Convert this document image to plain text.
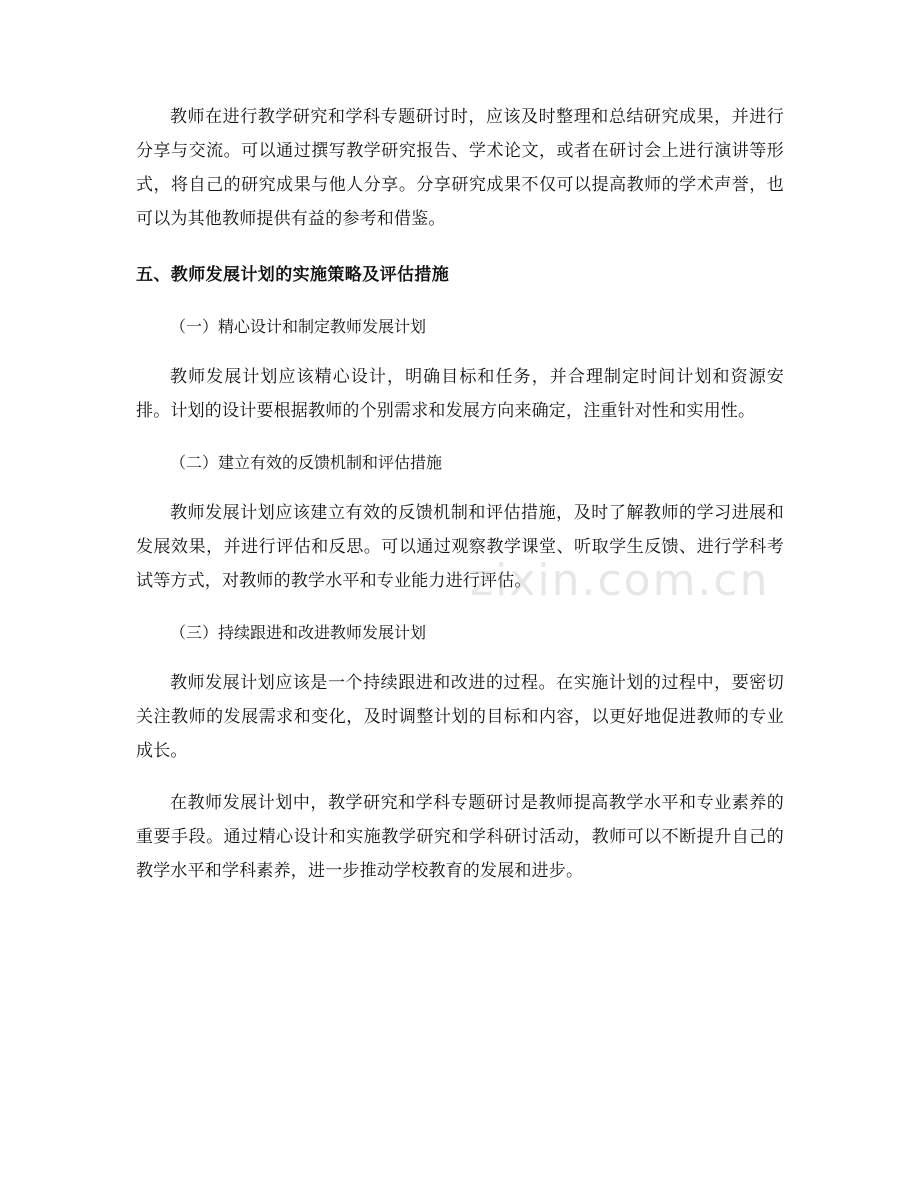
教师在进行教学研究和学科专题研讨时，应该及时整理和总结研究成果，并进行分享与交流。可以通过撰写教学研究报告、学术论文，或者在研讨会上进行演讲等形式，将自己的研究成果与他人分享。分享研究成果不仅可以提高教师的学术声誉，也可以为其他教师提供有益的参考和借鉴。

五、教师发展计划的实施策略及评估措施
（一）精心设计和制定教师发展计划

教师发展计划应该精心设计，明确目标和任务，并合理制定时间计划和资源安排。计划的设计要根据教师的个别需求和发展方向来确定，注重针对性和实用性。

（二）建立有效的反馈机制和评估措施

教师发展计划应该建立有效的反馈机制和评估措施，及时了解教师的学习进展和发展效果，并进行评估和反思。可以通过观察教学课堂、听取学生反馈、进行学科考试等方式，对教师的教学水平和专业能力进行评估。

（三）持续跟进和改进教师发展计划

教师发展计划应该是一个持续跟进和改进的过程。在实施计划的过程中，要密切关注教师的发展需求和变化，及时调整计划的目标和内容，以更好地促进教师的专业成长。

在教师发展计划中，教学研究和学科专题研讨是教师提高教学水平和专业素养的重要手段。通过精心设计和实施教学研究和学科研讨活动，教师可以不断提升自己的教学水平和学科素养，进一步推动学校教育的发展和进步。

zixin.com.cn
